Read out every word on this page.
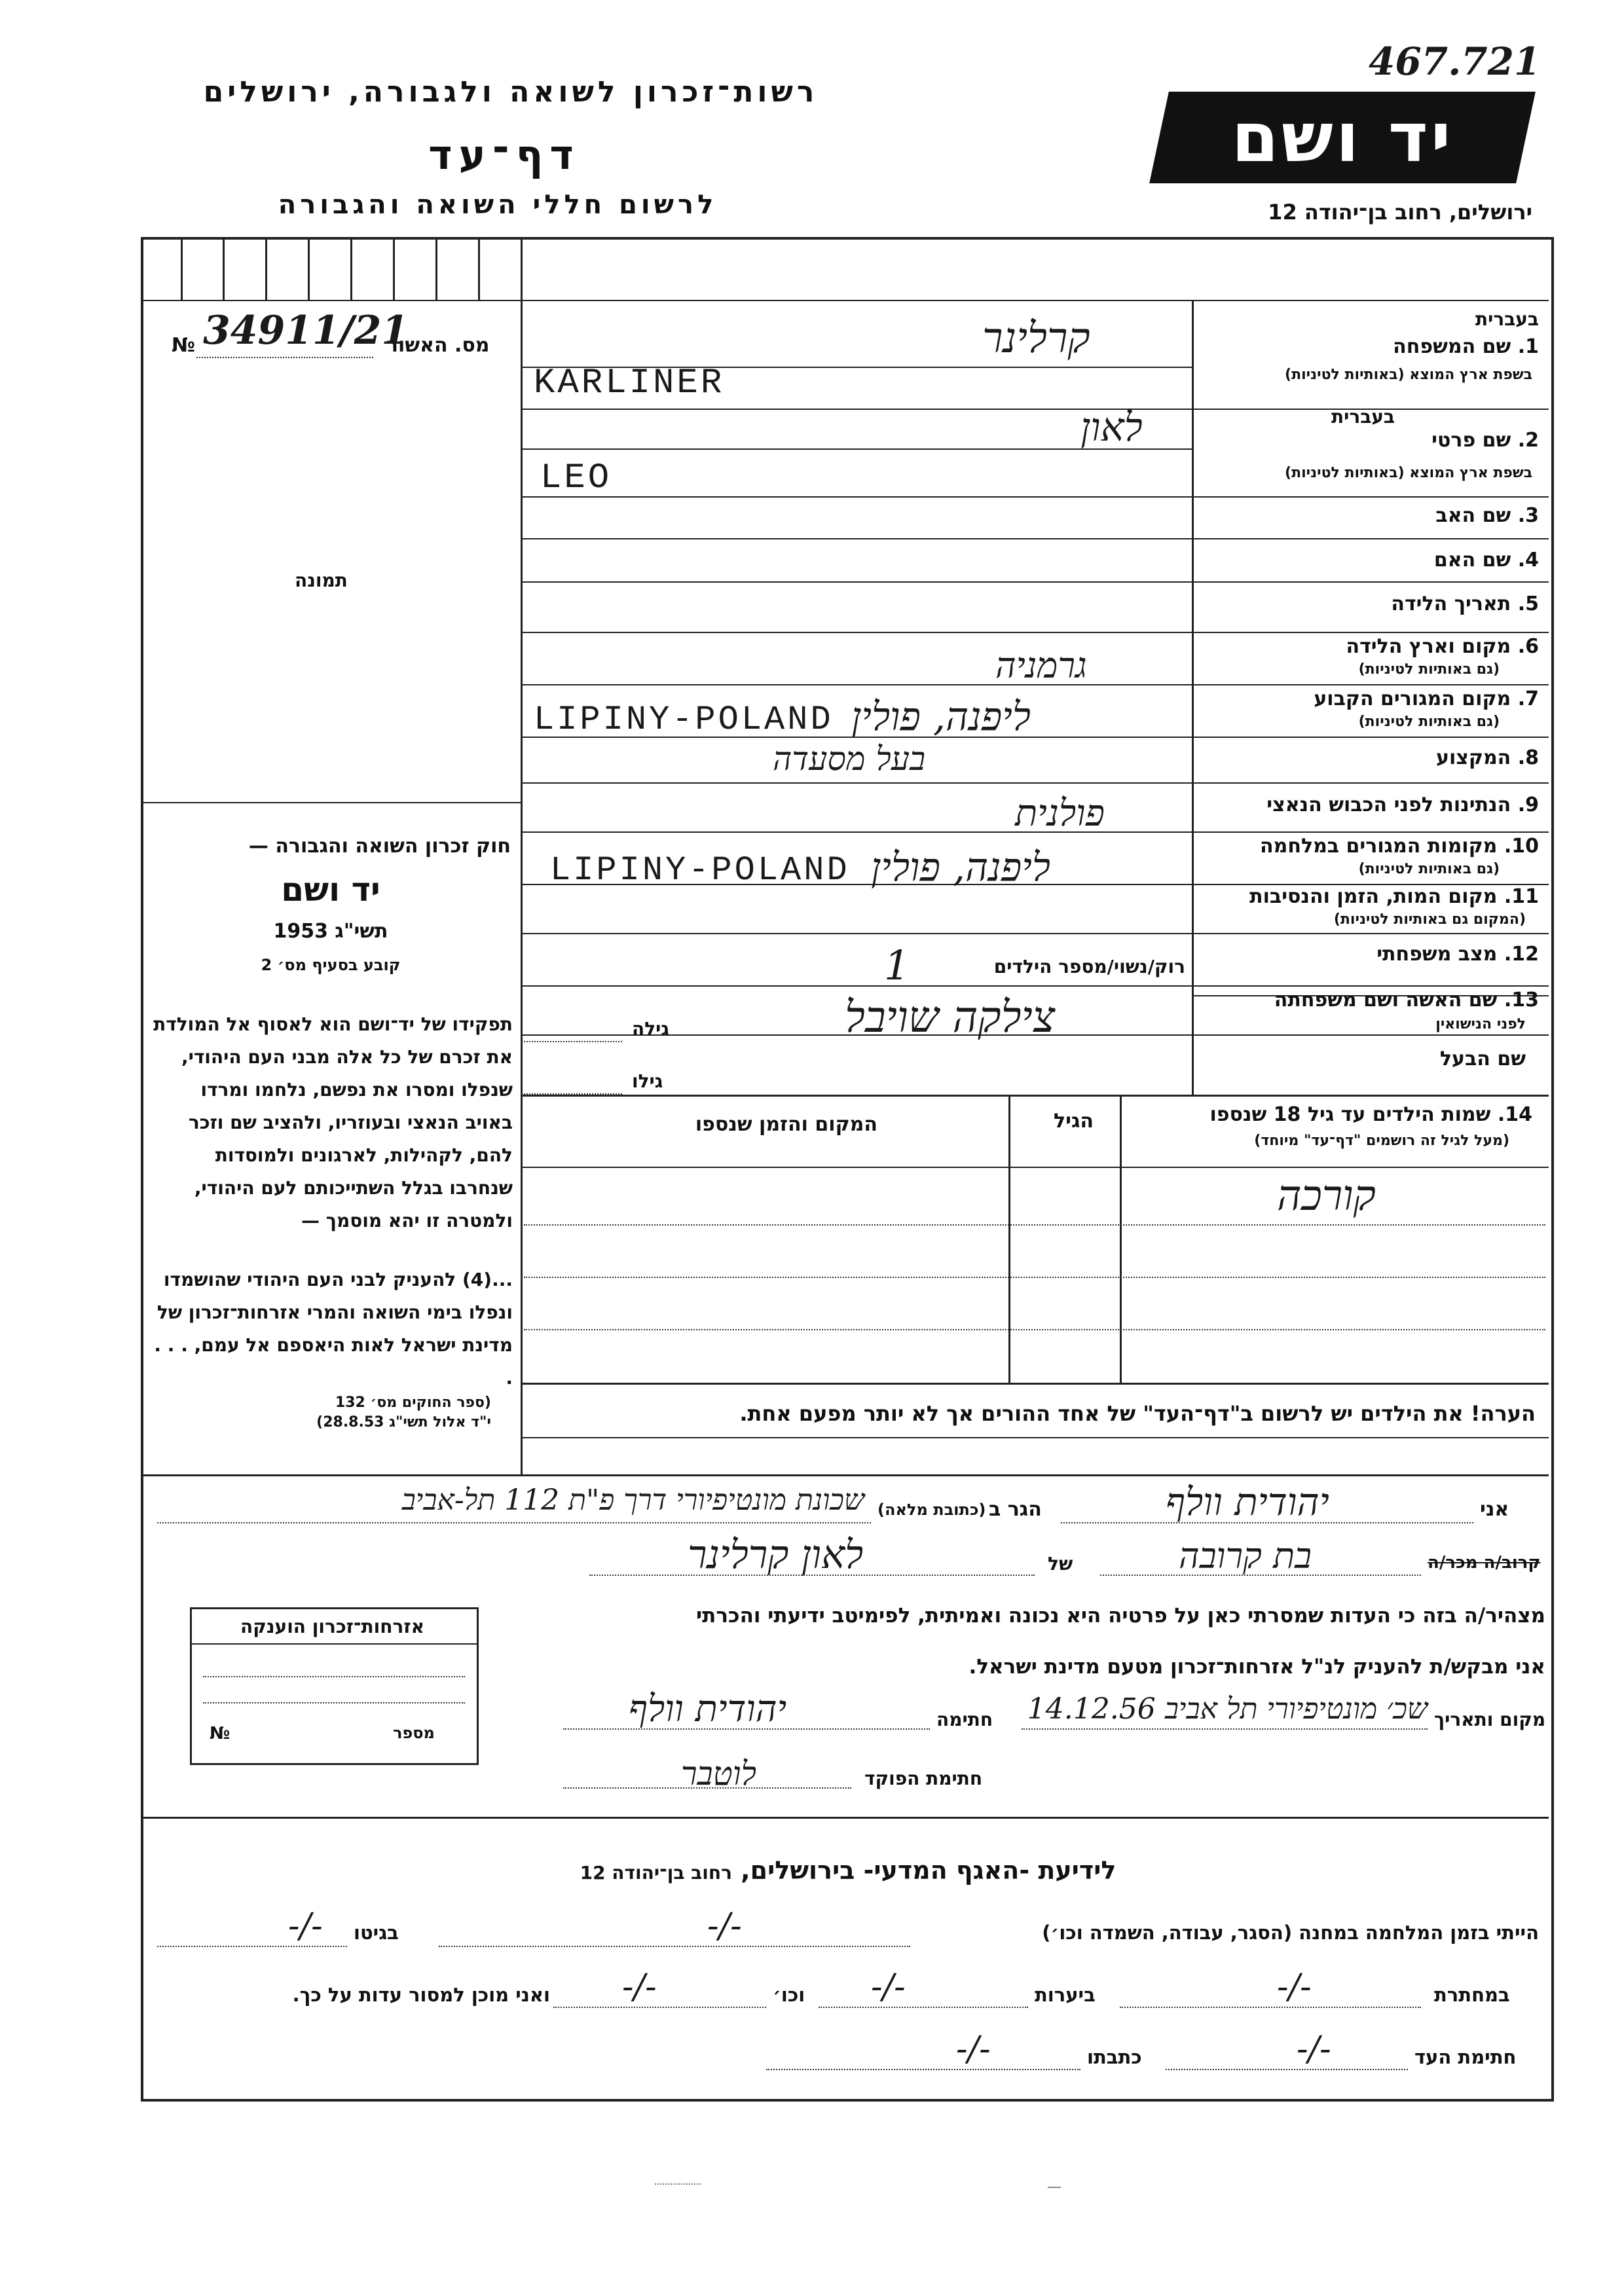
רשות־זכרון לשואה ולגבורה, ירושלים
דף־עד
לרשום חללי השואה והגבורה
467.721
יד ושם
ירושלים, רחוב בן־יהודה 12
מס. האשור
34911/21
№
תמונה
בעברית
1. שם המשפחה
בשפת ארץ המוצא (באותיות לטיניות)
בעברית
2. שם פרטי
בשפת ארץ המוצא (באותיות לטיניות)
3. שם האב
4. שם האם
5. תאריך הלידה
6. מקום וארץ הלידה
(גם באותיות לטיניות)
7. מקום המגורים הקבוע
(גם באותיות לטיניות)
8. המקצוע
9. הנתינות לפני הכבוש הנאצי
10. מקומות המגורים במלחמה
(גם באותיות לטיניות)
11. מקום המות, הזמן והנסיבות
(המקום גם באותיות לטיניות)
12. מצב משפחתי
רוק/נשוי/מספר הילדים
13. שם האשה ושם משפחתה
לפני הנישואין
שם הבעל
קרלינר
KARLINER
לאון
LEO
גרמניה
LIPINY-POLAND ליפנה, פולין
בעל מסעדה
פולנית
LIPINY-POLAND ליפנה, פולין
1
צילקה שויבל
גילה
גילו
14. שמות הילדים עד גיל 18 שנספו
(מעל לגיל זה רושמים "דף־עד" מיוחד)
הגיל
המקום והזמן שנספו
קורכה
חוק זכרון השואה והגבורה —
יד ושם
תשי"ג 1953
קובע בסעיף מס׳ 2
תפקידו של יד־ושם הוא לאסוף אל המולדת את זכרם של כל אלה מבני העם היהודי, שנפלו ומסרו את נפשם, נלחמו ומרדו באויב הנאצי ובעוזריו, ולהציב שם וזכר להם, לקהילות, לארגונים ולמוסדות שנחרבו בגלל השתייכותם לעם היהודי, ולמטרה זו יהא מוסמך —
...(4) להעניק לבני העם היהודי שהושמדו ונפלו בימי השואה והמרי אזרחות־זכרון של מדינת ישראל לאות היאספם אל עמם, . . . .
(ספר החוקים מס׳ 132
י"ד אלול תשי"ג 28.8.53)	הערה! את הילדים יש לרשום ב"דף־העד" של אחד ההורים אך לא יותר מפעם אחת.
אני
יהודית וולף
הגר ב
(כתובת מלאה)
שכונת מונטיפיורי דרך פ"ת 112 תל-אביב
קרוב/ה מכר/ה
בת קרובה
של
לאון קרלינר
מצהיר/ה בזה כי העדות שמסרתי כאן על פרטיה היא נכונה ואמיתית, לפימיטב ידיעתי והכרתי
אני מבקש/ת להעניק לנ"ל אזרחות־זכרון מטעם מדינת ישראל.
מקום ותאריך
שכ׳ מונטיפיורי תל אביב 14.12.56
חתימה
יהודית וולף
חתימת הפוקד
לוטבר
אזרחות־זכרון הוענקה
מספר
№
לידיעת -האגף המדעי- בירושלים, רחוב בן־יהודה 12
הייתי בזמן המלחמה במחנה (הסגר, עבודה, השמדה וכו׳)
-/-
בגיטו
-/-
במחתרת
-/-
ביערות
-/-
וכו׳
-/-
ואני מוכן למסור עדות על כך.
חתימת העד
-/-
כתבתו
-/-
